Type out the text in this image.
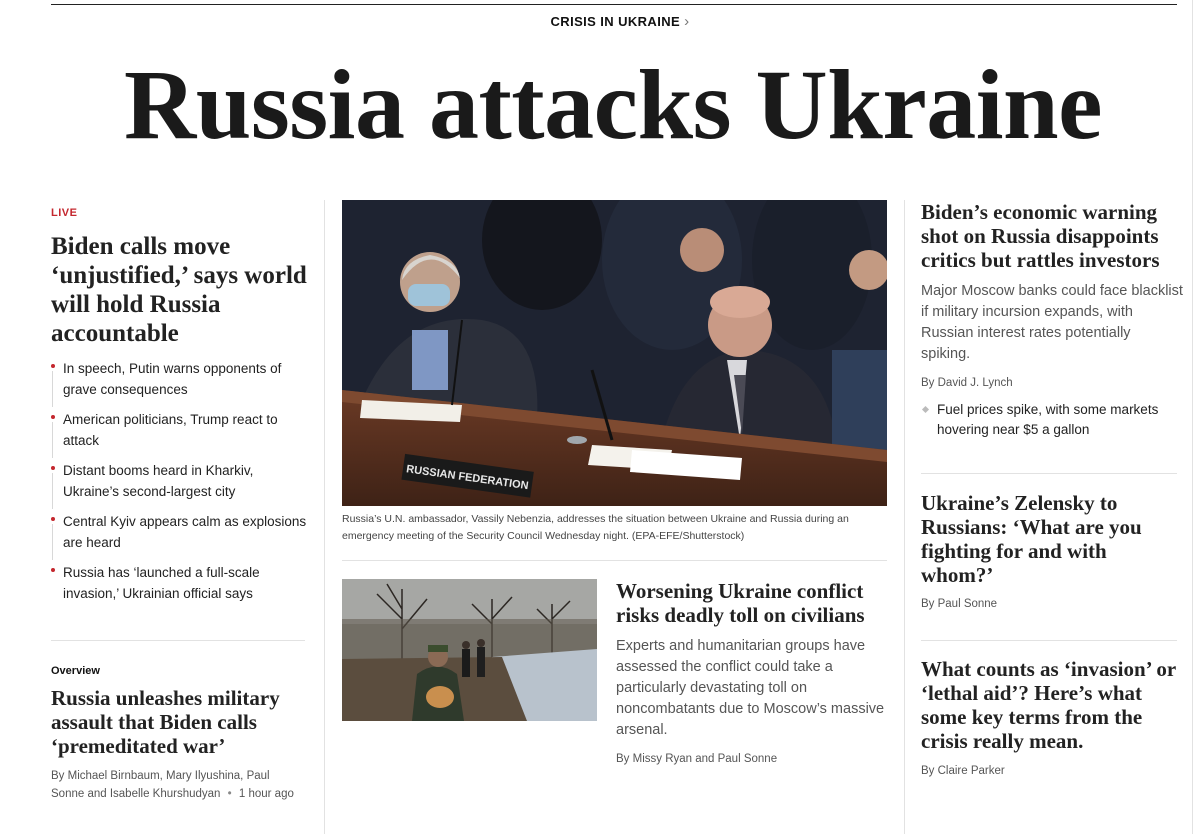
CRISIS IN UKRAINE ›
Russia attacks Ukraine
LIVE
Biden calls move ‘unjustified,’ says world will hold Russia accountable
In speech, Putin warns opponents of grave consequences
American politicians, Trump react to attack
Distant booms heard in Kharkiv, Ukraine’s second-largest city
Central Kyiv appears calm as explosions are heard
Russia has ‘launched a full-scale invasion,’ Ukrainian official says
Overview
Russia unleashes military assault that Biden calls ‘premeditated war’

By Michael Birnbaum, Mary Ilyushina, Paul Sonne and Isabelle Khurshudyan • 1 hour ago

RUSSIAN FEDERATION

Russia’s U.N. ambassador, Vassily Nebenzia, addresses the situation between Ukraine and Russia during an emergency meeting of the Security Council Wednesday night. (EPA-EFE/Shutterstock)

Worsening Ukraine conflict risks deadly toll on civilians

Experts and humanitarian groups have assessed the conflict could take a particularly devastating toll on noncombatants due to Moscow’s massive arsenal.

By Missy Ryan and Paul Sonne

Biden’s economic warning shot on Russia disappoints critics but rattles investors

Major Moscow banks could face blacklist if military incursion expands, with Russian interest rates potentially spiking.

By David J. Lynch

Fuel prices spike, with some markets hovering near $5 a gallon
Ukraine’s Zelensky to Russians: ‘What are you fighting for and with whom?’

By Paul Sonne

What counts as ‘invasion’ or ‘lethal aid’? Here’s what some key terms from the crisis really mean.

By Claire Parker
